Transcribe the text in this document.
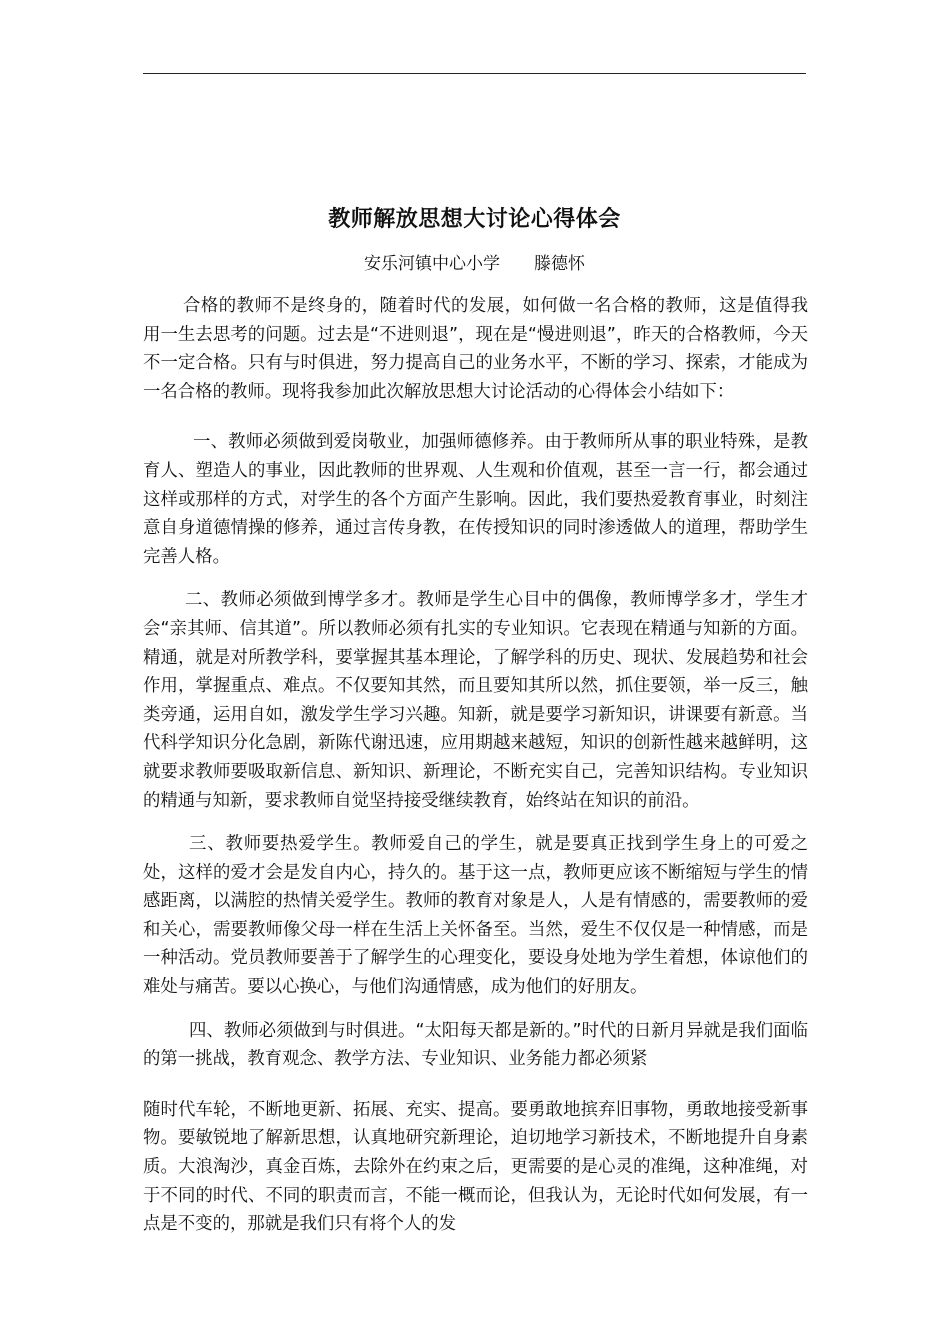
教师解放思想大讨论心得体会
安乐河镇中心小学 滕德怀

合格的教师不是终身的，随着时代的发展，如何做一名合格的教师，这是值得我用一生去思考的问题。过去是“不进则退”，现在是“慢进则退”，昨天的合格教师，今天不一定合格。只有与时俱进，努力提高自己的业务水平，不断的学习、探索，才能成为一名合格的教师。现将我参加此次解放思想大讨论活动的心得体会小结如下：

一、教师必须做到爱岗敬业，加强师德修养。由于教师所从事的职业特殊，是教育人、塑造人的事业，因此教师的世界观、人生观和价值观，甚至一言一行，都会通过这样或那样的方式，对学生的各个方面产生影响。因此，我们要热爱教育事业，时刻注意自身道德情操的修养，通过言传身教，在传授知识的同时渗透做人的道理，帮助学生完善人格。

二、教师必须做到博学多才。教师是学生心目中的偶像，教师博学多才，学生才会“亲其师、信其道”。所以教师必须有扎实的专业知识。它表现在精通与知新的方面。精通，就是对所教学科，要掌握其基本理论，了解学科的历史、现状、发展趋势和社会作用，掌握重点、难点。不仅要知其然，而且要知其所以然，抓住要领，举一反三，触类旁通，运用自如，激发学生学习兴趣。知新，就是要学习新知识，讲课要有新意。当代科学知识分化急剧，新陈代谢迅速，应用期越来越短，知识的创新性越来越鲜明，这就要求教师要吸取新信息、新知识、新理论，不断充实自己，完善知识结构。专业知识的精通与知新，要求教师自觉坚持接受继续教育，始终站在知识的前沿。

三、教师要热爱学生。教师爱自己的学生，就是要真正找到学生身上的可爱之处，这样的爱才会是发自内心，持久的。基于这一点，教师更应该不断缩短与学生的情感距离，以满腔的热情关爱学生。教师的教育对象是人，人是有情感的，需要教师的爱和关心，需要教师像父母一样在生活上关怀备至。当然，爱生不仅仅是一种情感，而是一种活动。党员教师要善于了解学生的心理变化，要设身处地为学生着想，体谅他们的难处与痛苦。要以心换心，与他们沟通情感，成为他们的好朋友。

四、教师必须做到与时俱进。“太阳每天都是新的。”时代的日新月异就是我们面临的第一挑战，教育观念、教学方法、专业知识、业务能力都必须紧

随时代车轮，不断地更新、拓展、充实、提高。要勇敢地摈弃旧事物，勇敢地接受新事物。要敏锐地了解新思想，认真地研究新理论，迫切地学习新技术，不断地提升自身素质。大浪淘沙，真金百炼，去除外在约束之后，更需要的是心灵的准绳，这种准绳，对于不同的时代、不同的职责而言，不能一概而论，但我认为，无论时代如何发展，有一点是不变的，那就是我们只有将个人的发
